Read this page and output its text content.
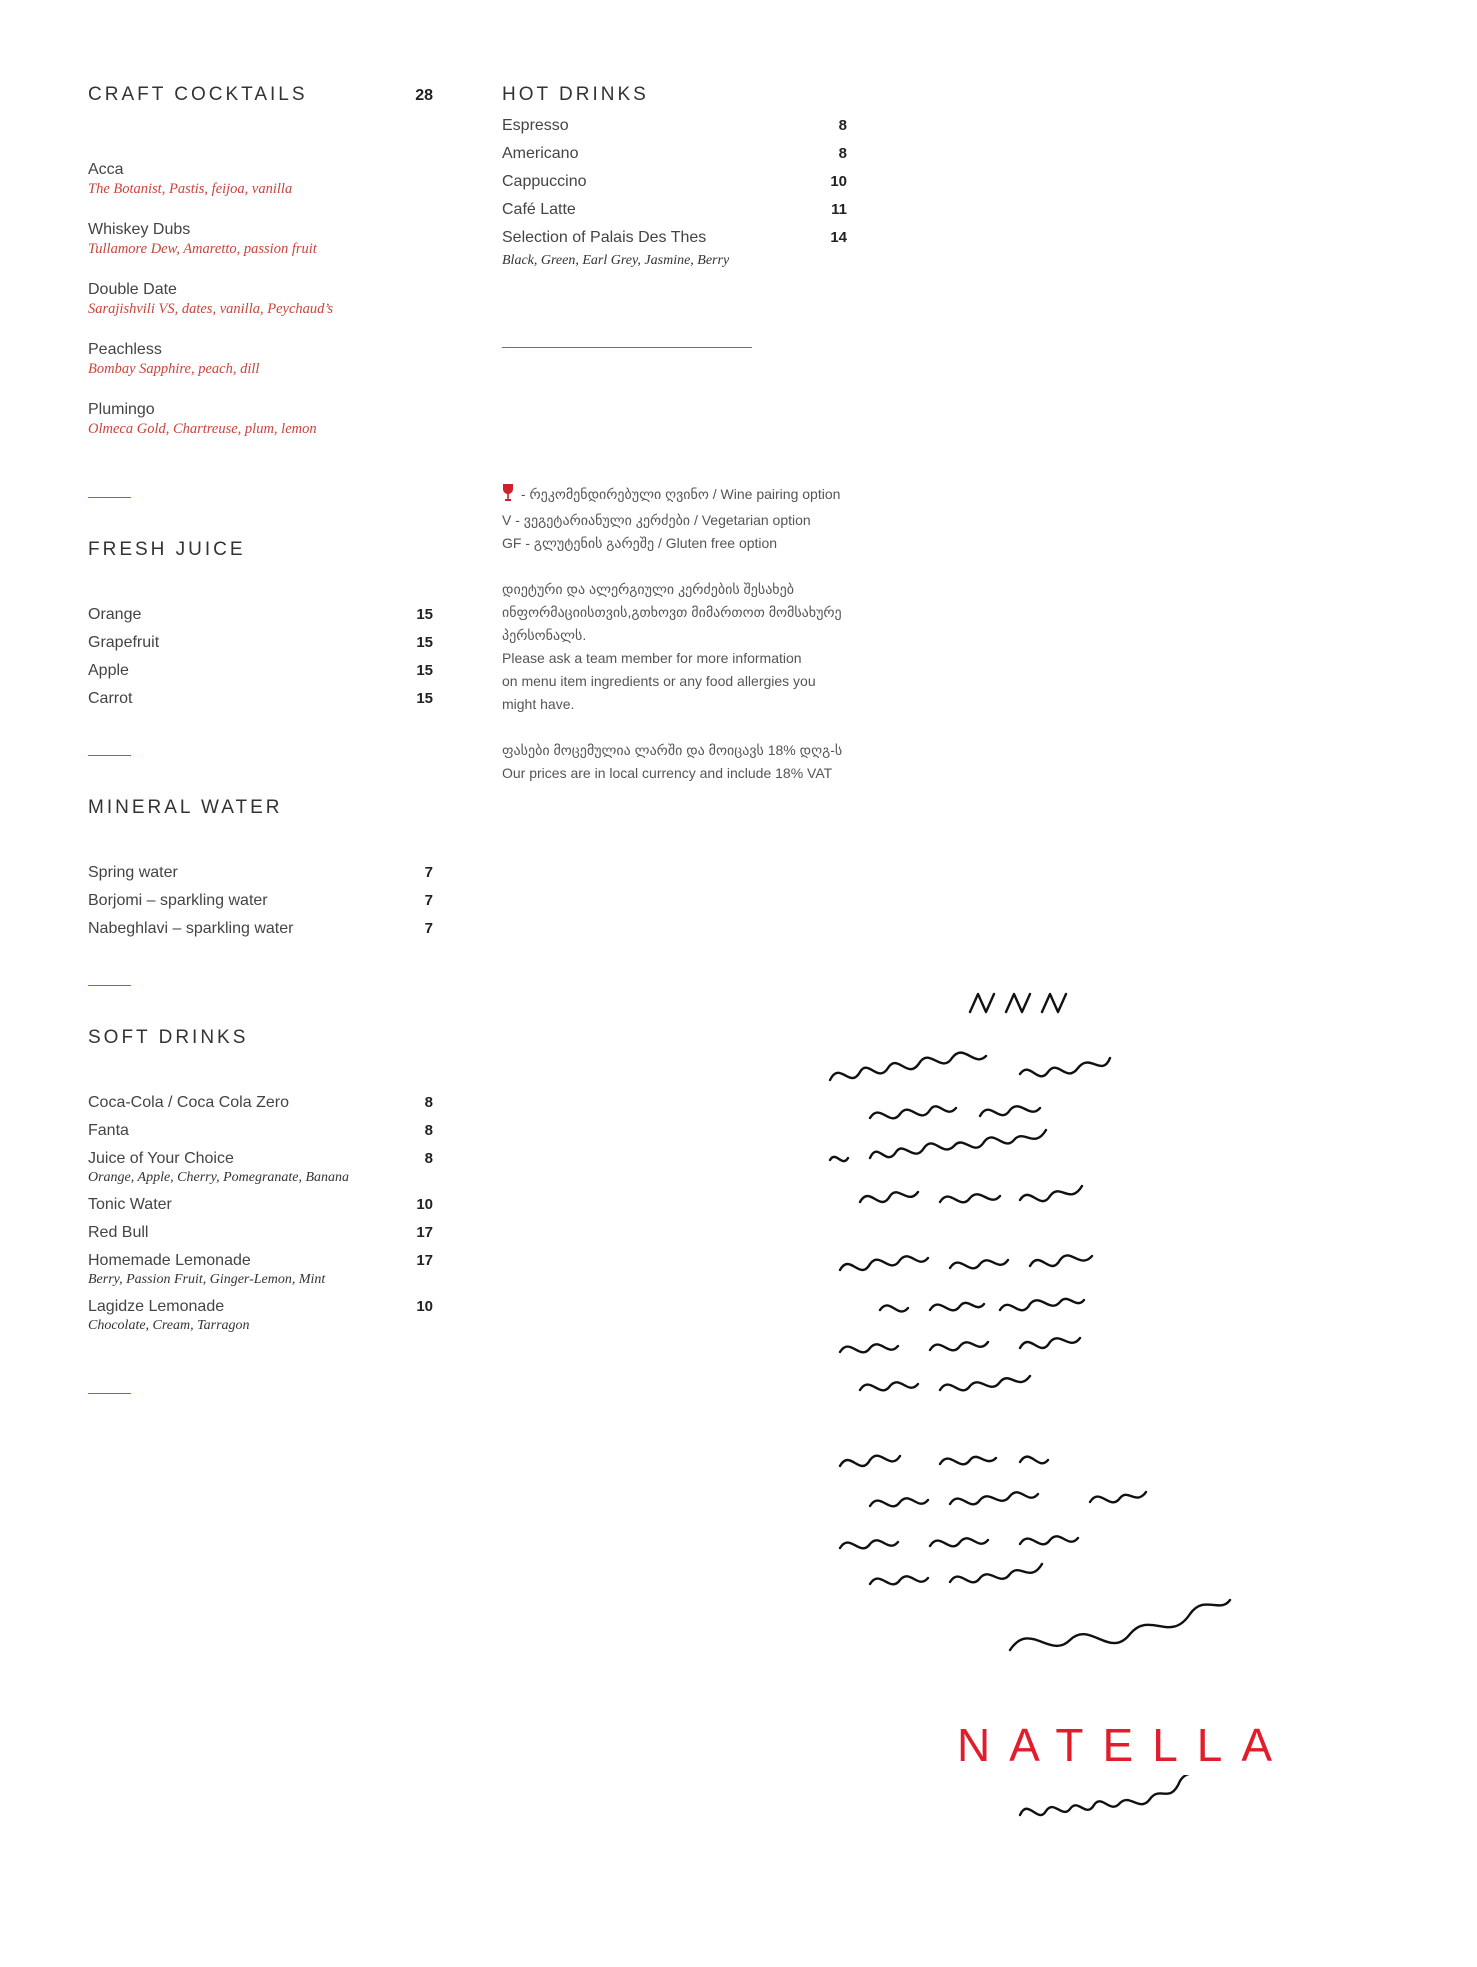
CRAFT COCKTAILS	28
Acca
The Botanist, Pastis, feijoa, vanilla
Whiskey Dubs
Tullamore Dew, Amaretto, passion fruit
Double Date
Sarajishvili VS, dates, vanilla, Peychaud’s
Peachless
Bombay Sapphire, peach, dill
Plumingo
Olmeca Gold, Chartreuse, plum, lemon
FRESH JUICE
Orange	15
Grapefruit	15
Apple	15
Carrot	15
MINERAL WATER
Spring water	7
Borjomi – sparkling water	7
Nabeghlavi – sparkling water	7
SOFT DRINKS
Coca-Cola / Coca Cola Zero	8
Fanta	8
Juice of Your Choice	8
Orange, Apple, Cherry, Pomegranate, Banana
Tonic Water	10
Red Bull	17
Homemade Lemonade	17
Berry, Passion Fruit, Ginger-Lemon, Mint
Lagidze Lemonade	10
Chocolate, Cream, Tarragon
HOT DRINKS
Espresso	8
Americano	8
Cappuccino	10
Café Latte	11
Selection of Palais Des Thes	14
Black, Green, Earl Grey, Jasmine, Berry

- რეკომენდირებული ღვინო / Wine pairing option

V - ვეგეტარიანული კერძები / Vegetarian option

GF - გლუტენის გარეშე / Gluten free option

დიეტური და ალერგიული კერძების შესახებ

ინფორმაციისთვის,გთხოვთ მიმართოთ მომსახურე

პერსონალს.

Please ask a team member for more information

on menu item ingredients or any food allergies you

might have.

ფასები მოცემულია ლარში და მოიცავს 18% დღგ-ს

Our prices are in local currency and include 18% VAT

NATELLA
